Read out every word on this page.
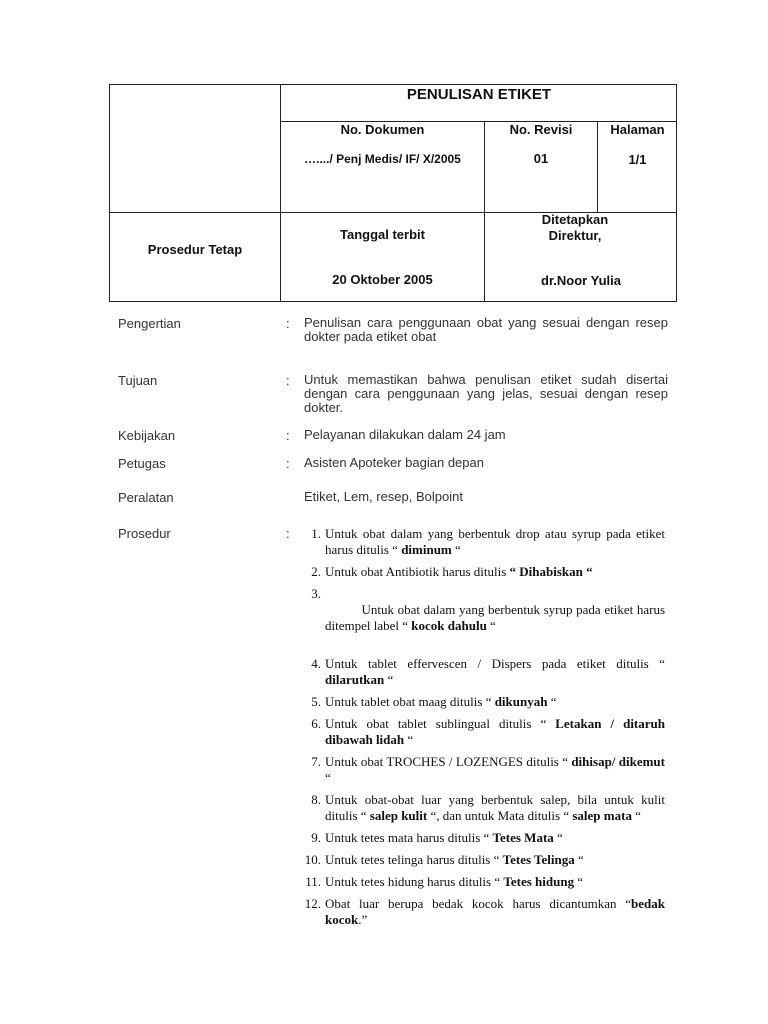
PENULISAN ETIKET
No. Dokumen
…..../ Penj Medis/ IF/ X/2005
No. Revisi
01
Halaman
1/1
Prosedur Tetap
Tanggal terbit
20 Oktober 2005
Ditetapkan Direktur,
dr.Noor Yulia
Pengertian	: Penulisan cara penggunaan obat yang sesuai dengan resep dokter pada etiket obat
Tujuan	: Untuk memastikan bahwa penulisan etiket sudah disertai dengan cara penggunaan yang jelas, sesuai dengan resep dokter.
Kebijakan	: Pelayanan dilakukan dalam 24 jam
Petugas	: Asisten Apoteker bagian depan
Peralatan	Etiket, Lem, resep, Bolpoint
Prosedur	:	1. Untuk obat dalam yang berbentuk drop atau syrup pada etiket harus ditulis “ diminum “
2. Untuk obat Antibiotik harus ditulis “ Dihabiskan “

3.
Untuk obat dalam yang berbentuk syrup pada etiket harus ditempel label “ kocok dahulu “

4. Untuk tablet effervescen / Dispers pada etiket ditulis “ dilarutkan “
5. Untuk tablet obat maag ditulis “ dikunyah “
6. Untuk obat tablet sublingual ditulis “ Letakan / ditaruh dibawah lidah “
7. Untuk obat TROCHES / LOZENGES ditulis “ dihisap/ dikemut “
8. Untuk obat-obat luar yang berbentuk salep, bila untuk kulit ditulis “ salep kulit “, dan untuk Mata ditulis “ salep mata “
9. Untuk tetes mata harus ditulis “ Tetes Mata “
10. Untuk tetes telinga harus ditulis “ Tetes Telinga “
11. Untuk tetes hidung harus ditulis “ Tetes hidung “
12. Obat luar berupa bedak kocok harus dicantumkan “bedak kocok.”
